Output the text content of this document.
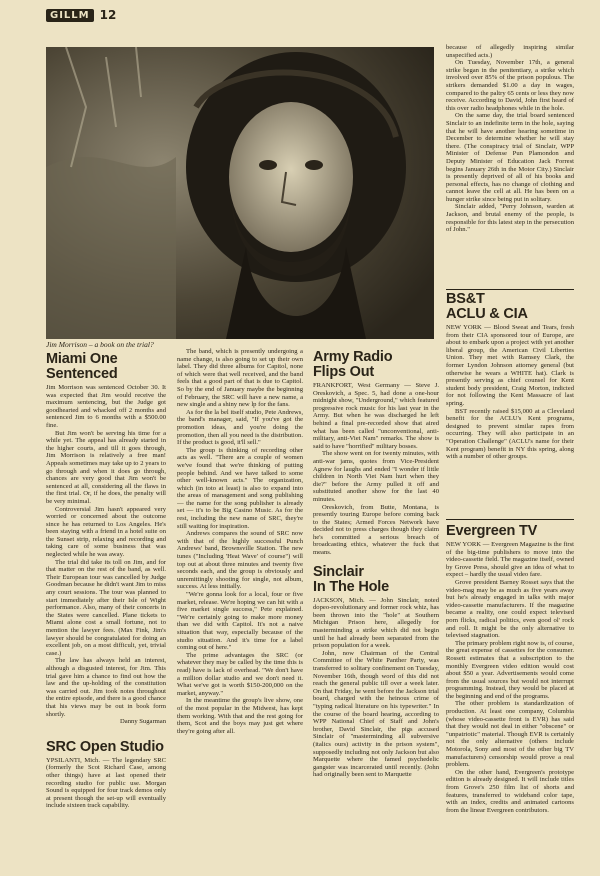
GILLM 12
Jim Morrison – a book on the trial?
Miami One
Sentenced

Jim Morrison was sentenced October 30. It was expected that Jim would receive the maximum sentencing, but the Judge got goodhearted and whacked off 2 months and sentenced Jim to 6 months with a $500.00 fine.

But Jim won't be serving his time for a while yet. The appeal has already started in the higher courts, and till it goes through, Jim Morrison is relatively a free man! Appeals sometimes may take up to 2 years to go through and when it does go through, chances are very good that Jim won't be sentenced at all, considering all the flaws in the first trial. Or, if he does, the penalty will be very minimal.

Controversial Jim hasn't appeared very worried or concerned about the outcome since he has returned to Los Angeles. He's been staying with a friend in a hotel suite on the Sunset strip, relaxing and recording and taking care of some business that was neglected while he was away.

The trial did take its toll on Jim, and for that matter on the rest of the band, as well. Their European tour was cancelled by Judge Goodman because he didn't want Jim to miss any court sessions. The tour was planned to start immediately after their Isle of Wight performance. Also, many of their concerts in the States were cancelled. Plane tickets to Miami alone cost a small fortune, not to mention the lawyer fees. (Max Fink, Jim's lawyer should be congratulated for doing an excellent job, on a most difficult, yet, trivial case.)

The law has always held an interest, although a disgusted interest, for Jim. This trial gave him a chance to find out how the law and the up-holding of the constitution was carried out. Jim took notes throughout the entire episode, and there is a good chance that his views may be out in book form shortly.

Danny Sugarman
SRC Open Studio

YPSILANTI, Mich. — The legendary SRC (formerly the Scot Richard Case, among other things) have at last opened their recording studio for public use. Morgan Sound is equipped for four track demos only at present though the set-up will eventually include sixteen track capability.

The band, which is presently undergoing a name change, is also going to set up their own label. They did three albums for Capitol, none of which were that well received, and the band feels that a good part of that is due to Capitol. So by the end of January maybe the beginning of February, the SRC will have a new name, a new single and a shiny new lp for the fans.

As for the la bel itself studio, Pete Andrews, the band's manager, said, "If you've got the promotion ideas, and you're doing the promotion, then all you need is the distribution. If the product is good, it'll sell."

The group is thinking of recording other acts as well. "There are a couple of women we've found that we're thinking of putting people behind. And we have talked to some other well-known acts." The organization, which (in toto at least) is also to expand into the areas of management and song publishing — the name for the song publisher is already set — it's to be Big Casino Music. As for the rest, including the new name of SRC, they're still waiting for inspiration.

Andrews compares the sound of SRC now with that of the highly successful Punch Andrews' band, Brownsville Station. The new tunes ("Including 'Heat Wave' of course") will top out at about three minutes and twenty five seconds each, and the group is obviously and unremittingly shooting for single, not album, success. At less initially.

"We're gonna look for a local, four or five market, release. We're hoping we can hit with a five market single success," Pete explained. "We're certainly going to make more money than we did with Capitol. It's not a naive situation that way, especially because of the studio situation. And it's time for a label coming out of here."

The prime advantages the SRC (or whatever they may be called by the time this is read) have is lack of overhead. "We don't have a million dollar studio and we don't need it. What we've got is worth $150-200,000 on the market, anyway."

In the meantime the group's live show, one of the most popular in the Midwest, has kept them working. With that and the rest going for them, Scot and the boys may just get where they're going after all.

Army Radio
Flips Out

FRANKFORT, West Germany — Steve J. Oreskovich, a Spec. 5, had done a one-hour midnight show, "Underground," which featured progressive rock music for his last year in the Army. But when he was discharged he left behind a final pre-recorded show that aired what has been called "unconventional, anti-military, anti-Viet Nam" remarks. The show is said to have "horrified" military bosses.

The show went on for twenty minutes, with anti-war jams, quotes from Vice-President Agnew for laughs and ended "I wonder if little children in North Viet Nam hurt when they die?" before the Army pulled it off and substituted another show for the last 40 minutes.

Oreskovich, from Butte, Montana, is presently touring Europe before coming back to the States; Armed Forces Network have decided not to press charges though they claim he's committed a serious breach of broadcasting ethics, whatever the fuck that means.

Sinclair
In The Hole

JACKSON, Mich. — John Sinclair, noted dopeo-revolutionary and former rock whiz, has been thrown into the "hole" at Southern Michigan Prison here, allegedly for masterminding a strike which did not begin until he had already been separated from the prison population for a week.

John, now Chairman of the Central Committee of the White Panther Party, was transferred to solitary confinement on Tuesday, November 16th, though word of this did not reach the general public till over a week later. On that Friday, he went before the Jackson trial board, charged with the heinous crime of "typing radical literature on his typewriter." In the course of the board hearing, according to WPP National Chief of Staff and John's brother, David Sinclair, the pigs accused Sinclair of "masterminding all subversive (italics ours) activity in the prison system", supposedly including not only Jackson but also Marquette where the famed psychedelic gangster was incarcerated until recently. (John had originally been sent to Marquette

because of allegedly inspiring similar unspecified acts.)

On Tuesday, November 17th, a general strike began in the penitentiary, a strike which involved over 85% of the prison populous. The strikers demanded $1.00 a day in wages, compared to the paltry 65 cents or less they now receive. According to David, John first heard of this over radio headphones while in the hole.

On the same day, the trial board sentenced Sinclair to an indefinite term in the hole, saying that he will have another hearing sometime in December to determine whether he will stay there. (The conspiracy trial of Sinclair, WPP Minister of Defense Pun Plamondon and Deputy Minister of Education Jack Forrest begins January 26th in the Motor City.) Sinclair is presently deprived of all of his books and personal effects, has no change of clothing and cannot leave the cell at all. He has been on a hunger strike since being put in solitary.

Sinclair added, "Perry Johnson, warden at Jackson, and brutal enemy of the people, is responsible for this latest step in the persecution of John."

BS&T
ACLU & CIA

NEW YORK — Blood Sweat and Tears, fresh from their CIA sponsored tour of Europe, are about to embark upon a project with yet another liberal group, the American Civil Liberties Union. They met with Ramsey Clark, the former Lyndon Johnson attorney general (but otherwise he wears a WHITE hat). Clark is presently serving as chief counsel for Kent student body president, Craig Morton, indicted for not following the Kent Massacre of last spring.

BST recently raised $15,000 at a Cleveland benefit for the ACLU's Kent programs, designed to prevent similar rapes from occurring. They will also participate in an "Operation Challenge" (ACLU's name for their Kent program) benefit in NY this spring, along with a number of other groups.

Evergreen TV

NEW YORK — Evergreen Magazine is the first of the big-time publishers to move into the video-cassette field. The magazine itself, owned by Grove Press, should give an idea of what to expect – hardly the usual video fare.

Grove president Barney Rosset says that the video-mag may be as much as five years away but he's already engaged in talks with major video-cassette manufacturers. If the magazine became a reality, one could expect televised porn flicks, radical politics, even good ol' rock and roll. It might be the only alternative to televised stagnation.

The primary problem right now is, of course, the great expense of cassettes for the consumer. Rossett estimates that a subscription to the monthly Evergreen video edition would cost about $50 a year. Advertisements would come from the usual sources but would not interrupt programming. Instead, they would be placed at the beginning and end of the programs.

The other problem is standardization of production. At least one company, Columbia (whose video-cassette front is EVR) has said that they would not deal in either "obscene" or "unpatriotic" material. Though EVR is certainly not the only alternative (others include Motorola, Sony and most of the other big TV manufacturers) censorship would prove a real problem.

On the other hand, Evergreen's prototype edition is already designed. It will include titles from Grove's 250 film list of shorts and features, transferred to wideband color tape, with an index, credits and animated cartoons from the linear Evergreen contributors.
